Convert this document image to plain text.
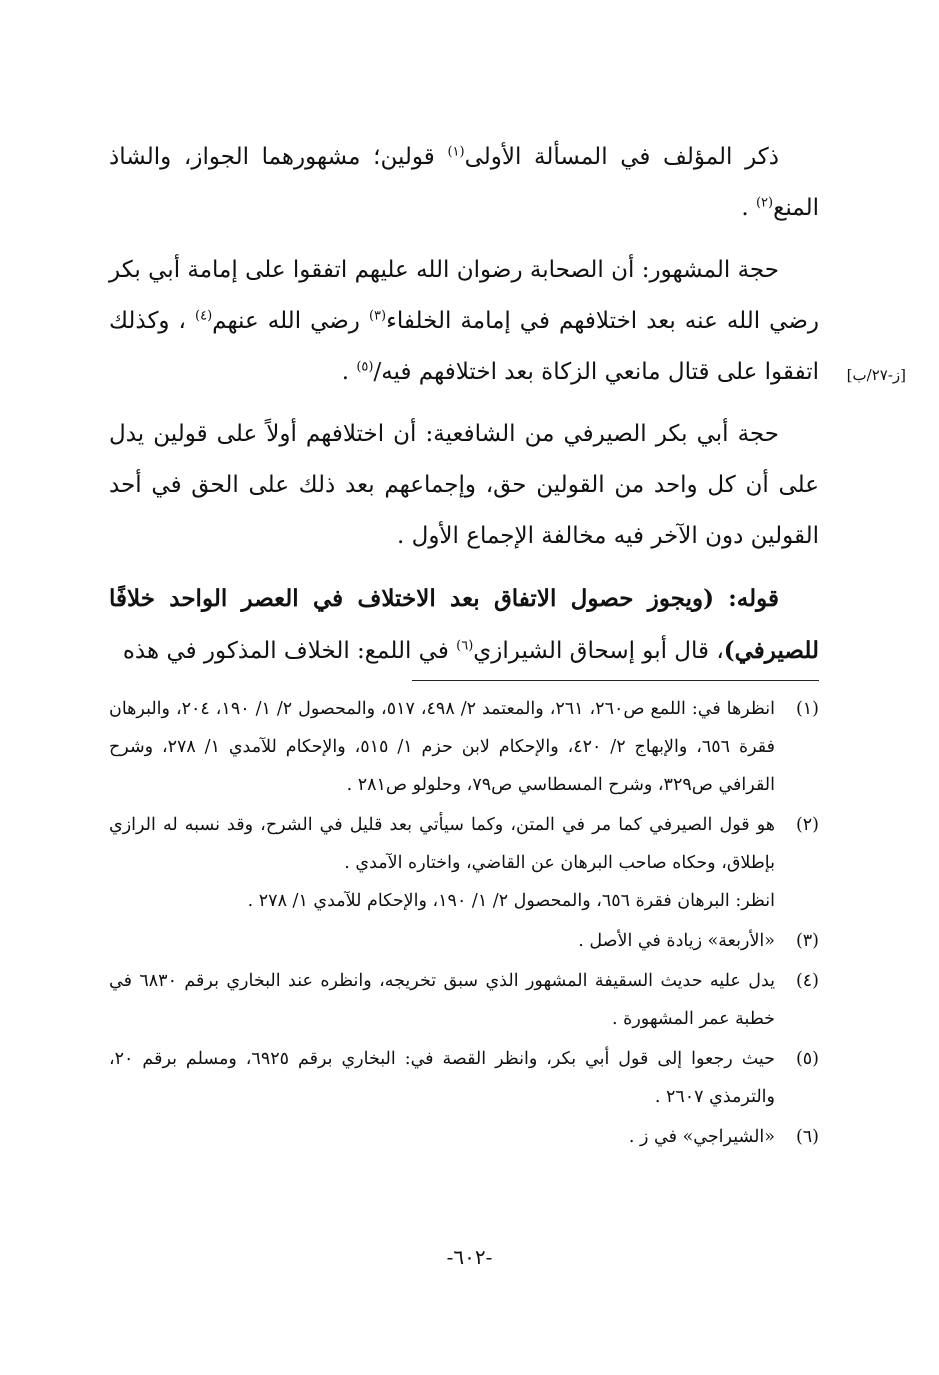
ذكر المؤلف في المسألة الأولى$^{(١)}$ قولين؛ مشهورهما الجواز، والشاذ المنع$^{(٢)}$ .

حجة المشهور: أن الصحابة رضوان الله عليهم اتفقوا على إمامة أبي بكر رضي الله عنه بعد اختلافهم في إمامة الخلفاء$^{(٣)}$ رضي الله عنهم$^{(٤)}$ ، وكذلك اتفقوا على قتال مانعي الزكاة بعد اختلافهم فيه/$^{(٥)}$ .

حجة أبي بكر الصيرفي من الشافعية: أن اختلافهم أولاً على قولين يدل على أن كل واحد من القولين حق، وإجماعهم بعد ذلك على الحق في أحد القولين دون الآخر فيه مخالفة الإجماع الأول .

قوله: (ويجوز حصول الاتفاق بعد الاختلاف في العصر الواحد خلافًا للصيرفي)، قال أبو إسحاق الشيرازي$^{(٦)}$ في اللمع: الخلاف المذكور في هذه

[ز-٢٧/ب]
(١)
انظرها في: اللمع ص٢٦٠، ٢٦١، والمعتمد ٢/ ٤٩٨، ٥١٧، والمحصول ٢/ ١/ ١٩٠، ٢٠٤، والبرهان فقرة ٦٥٦، والإبهاج ٢/ ٤٢٠، والإحكام لابن حزم ١/ ٥١٥، والإحكام للآمدي ١/ ٢٧٨، وشرح القرافي ص٣٢٩، وشرح المسطاسي ص٧٩، وحلولو ص٢٨١ .
(٢)
هو قول الصيرفي كما مر في المتن، وكما سيأتي بعد قليل في الشرح، وقد نسبه له الرازي بإطلاق، وحكاه صاحب البرهان عن القاضي، واختاره الآمدي .
انظر: البرهان فقرة ٦٥٦، والمحصول ٢/ ١/ ١٩٠، والإحكام للآمدي ١/ ٢٧٨ .
(٣)
«الأربعة» زيادة في الأصل .
(٤)
يدل عليه حديث السقيفة المشهور الذي سبق تخريجه، وانظره عند البخاري برقم ٦٨٣٠ في خطبة عمر المشهورة .
(٥)
حيث رجعوا إلى قول أبي بكر، وانظر القصة في: البخاري برقم ٦٩٢٥، ومسلم برقم ٢٠، والترمذي ٢٦٠٧ .
(٦)
«الشيراجي» في ز .
-٦٠٢-
